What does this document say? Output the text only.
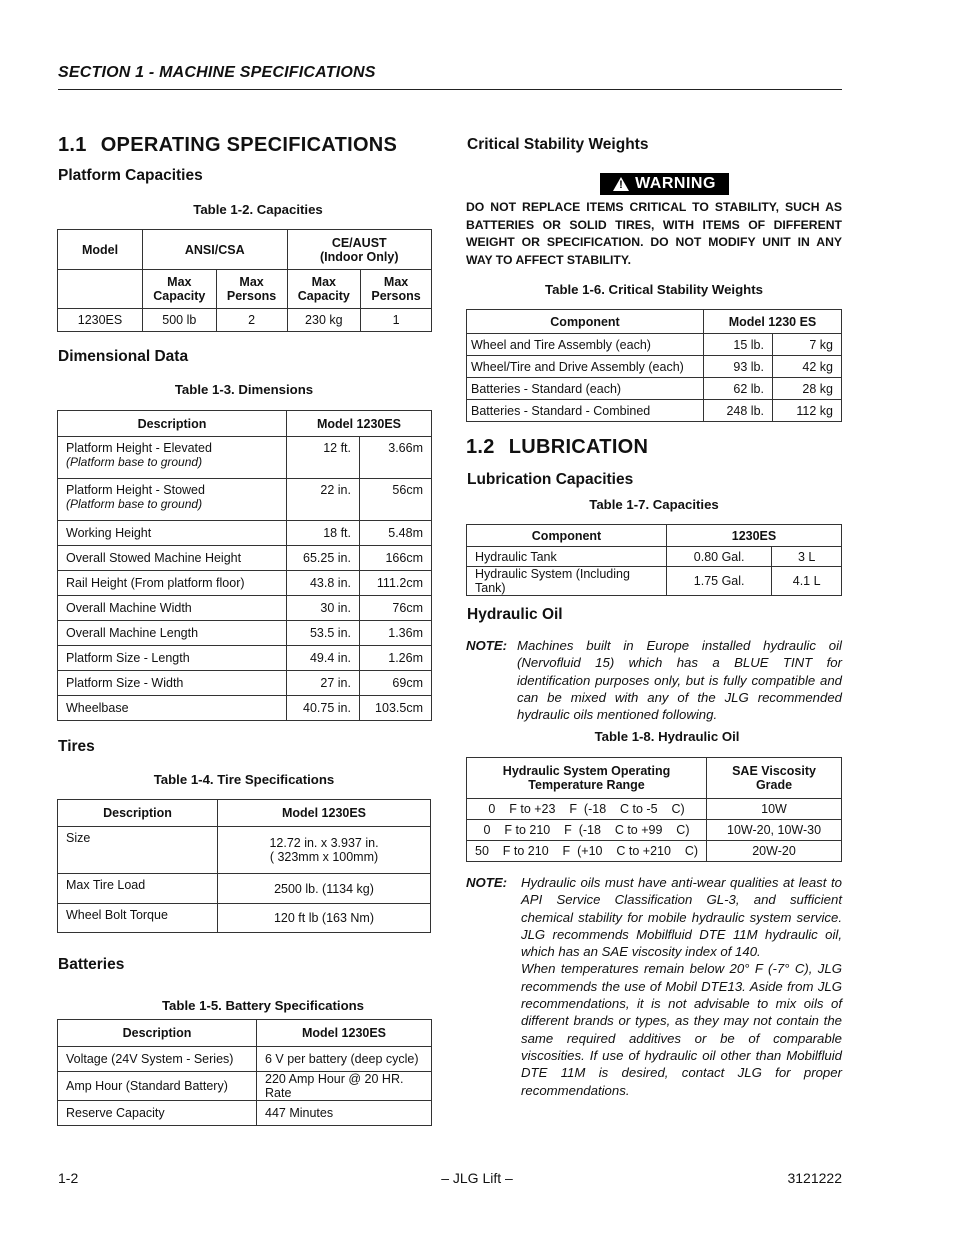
SECTION 1 - MACHINE SPECIFICATIONS
1.1 OPERATING SPECIFICATIONS
Platform Capacities
Table 1-2. Capacities
Model	ANSI/CSA		CE/AUST
(Indoor Only)	

	Max Capacity	Max Persons	Max Capacity	Max Persons
1230ES	500 lb	2	230 kg	1
Dimensional Data
Table 1-3. Dimensions
Description	Model 1230ES	

Platform Height - Elevated
(Platform base to ground)	12 ft.	3.66m

Platform Height - Stowed
(Platform base to ground)	22 in.	56cm

Working Height	18 ft.	5.48m

Overall Stowed Machine Height	65.25 in.	166cm

Rail Height (From platform floor)	43.8 in.	111.2cm

Overall Machine Width	30 in.	76cm

Overall Machine Length	53.5 in.	1.36m

Platform Size - Length	49.4 in.	1.26m

Platform Size - Width	27 in.	69cm

Wheelbase	40.75 in.	103.5cm
Tires
Table 1-4. Tire Specifications
Description	Model 1230ES
Size	12.72 in. x 3.937 in.
( 323mm x 100mm)

Max Tire Load	2500 lb. (1134 kg)

Wheel Bolt Torque	120 ft lb (163 Nm)
Batteries
Table 1-5. Battery Specifications
Description	Model 1230ES
Voltage (24V System - Series)	6 V per battery (deep cycle)
Amp Hour (Standard Battery)	220 Amp Hour @ 20 HR. Rate
Reserve Capacity	447 Minutes
Critical Stability Weights
! WARNING
DO NOT REPLACE ITEMS CRITICAL TO STABILITY, SUCH AS BATTERIES OR SOLID TIRES, WITH ITEMS OF DIFFERENT WEIGHT OR SPECIFICATION. DO NOT MODIFY UNIT IN ANY WAY TO AFFECT STABILITY.
Table 1-6. Critical Stability Weights
Component	Model 1230 ES	
Wheel and Tire Assembly (each)	15 lb.	7 kg
Wheel/Tire and Drive Assembly (each)	93 lb.	42 kg
Batteries - Standard (each)	62 lb.	28 kg
Batteries - Standard - Combined	248 lb.	112 kg
1.2 LUBRICATION
Lubrication Capacities
Table 1-7. Capacities
Component	1230ES	
Hydraulic Tank	0.80 Gal.	3 L
Hydraulic System (Including Tank)	1.75 Gal.	4.1 L
Hydraulic Oil
NOTE: Machines built in Europe installed hydraulic oil (Nervofluid 15) which has a BLUE TINT for identification purposes only, but is fully compatible and can be mixed with any of the JLG recommended hydraulic oils mentioned following.
Table 1-8. Hydraulic Oil
Hydraulic System Operating
Temperature Range	SAE Viscosity Grade
0    F to +23    F  (-18    C to -5    C)	10W
0    F to 210    F  (-18    C to +99    C)	10W-20, 10W-30
50    F to 210    F  (+10    C to +210    C)	20W-20
NOTE: Hydraulic oils must have anti-wear qualities at least to API Service Classification GL-3, and sufficient chemical stability for mobile hydraulic system service. JLG recommends Mobilfluid DTE 11M hydraulic oil, which has an SAE viscosity index of 140.
When temperatures remain below 20° F (-7° C), JLG recommends the use of Mobil DTE13. Aside from JLG recommendations, it is not advisable to mix oils of different brands or types, as they may not contain the same required additives or be of comparable viscosities. If use of hydraulic oil other than Mobilfluid DTE 11M is desired, contact JLG for proper recommendations.
1-2	– JLG Lift –	3121222
